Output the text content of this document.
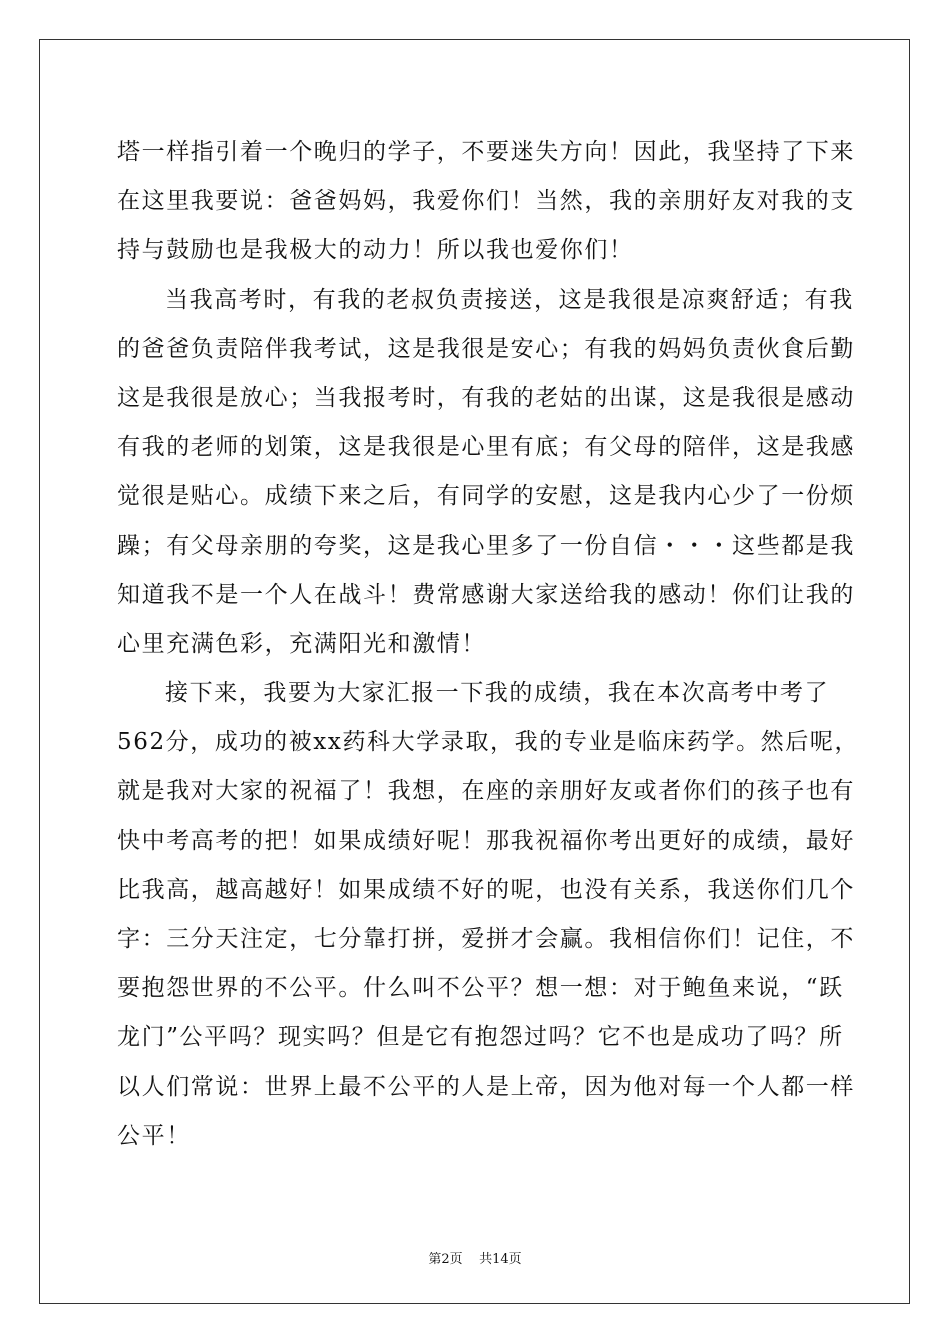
塔一样指引着一个晚归的学子，不要迷失方向！因此，我坚持了下来
在这里我要说：爸爸妈妈，我爱你们！当然，我的亲朋好友对我的支
持与鼓励也是我极大的动力！所以我也爱你们！
当我高考时，有我的老叔负责接送，这是我很是凉爽舒适；有我
的爸爸负责陪伴我考试，这是我很是安心；有我的妈妈负责伙食后勤
这是我很是放心；当我报考时，有我的老姑的出谋，这是我很是感动
有我的老师的划策，这是我很是心里有底；有父母的陪伴，这是我感
觉很是贴心。成绩下来之后，有同学的安慰，这是我内心少了一份烦
躁；有父母亲朋的夸奖，这是我心里多了一份自信・・・这些都是我
知道我不是一个人在战斗！费常感谢大家送给我的感动！你们让我的
心里充满色彩，充满阳光和激情！
接下来，我要为大家汇报一下我的成绩，我在本次高考中考了
562分，成功的被xx药科大学录取，我的专业是临床药学。然后呢，
就是我对大家的祝福了！我想，在座的亲朋好友或者你们的孩子也有
快中考高考的把！如果成绩好呢！那我祝福你考出更好的成绩，最好
比我高，越高越好！如果成绩不好的呢，也没有关系，我送你们几个
字：三分天注定，七分靠打拼，爱拼才会赢。我相信你们！记住，不
要抱怨世界的不公平。什么叫不公平？想一想：对于鲍鱼来说，“跃
龙门”公平吗？现实吗？但是它有抱怨过吗？它不也是成功了吗？所
以人们常说：世界上最不公平的人是上帝，因为他对每一个人都一样
公平！
第2页 共14页
